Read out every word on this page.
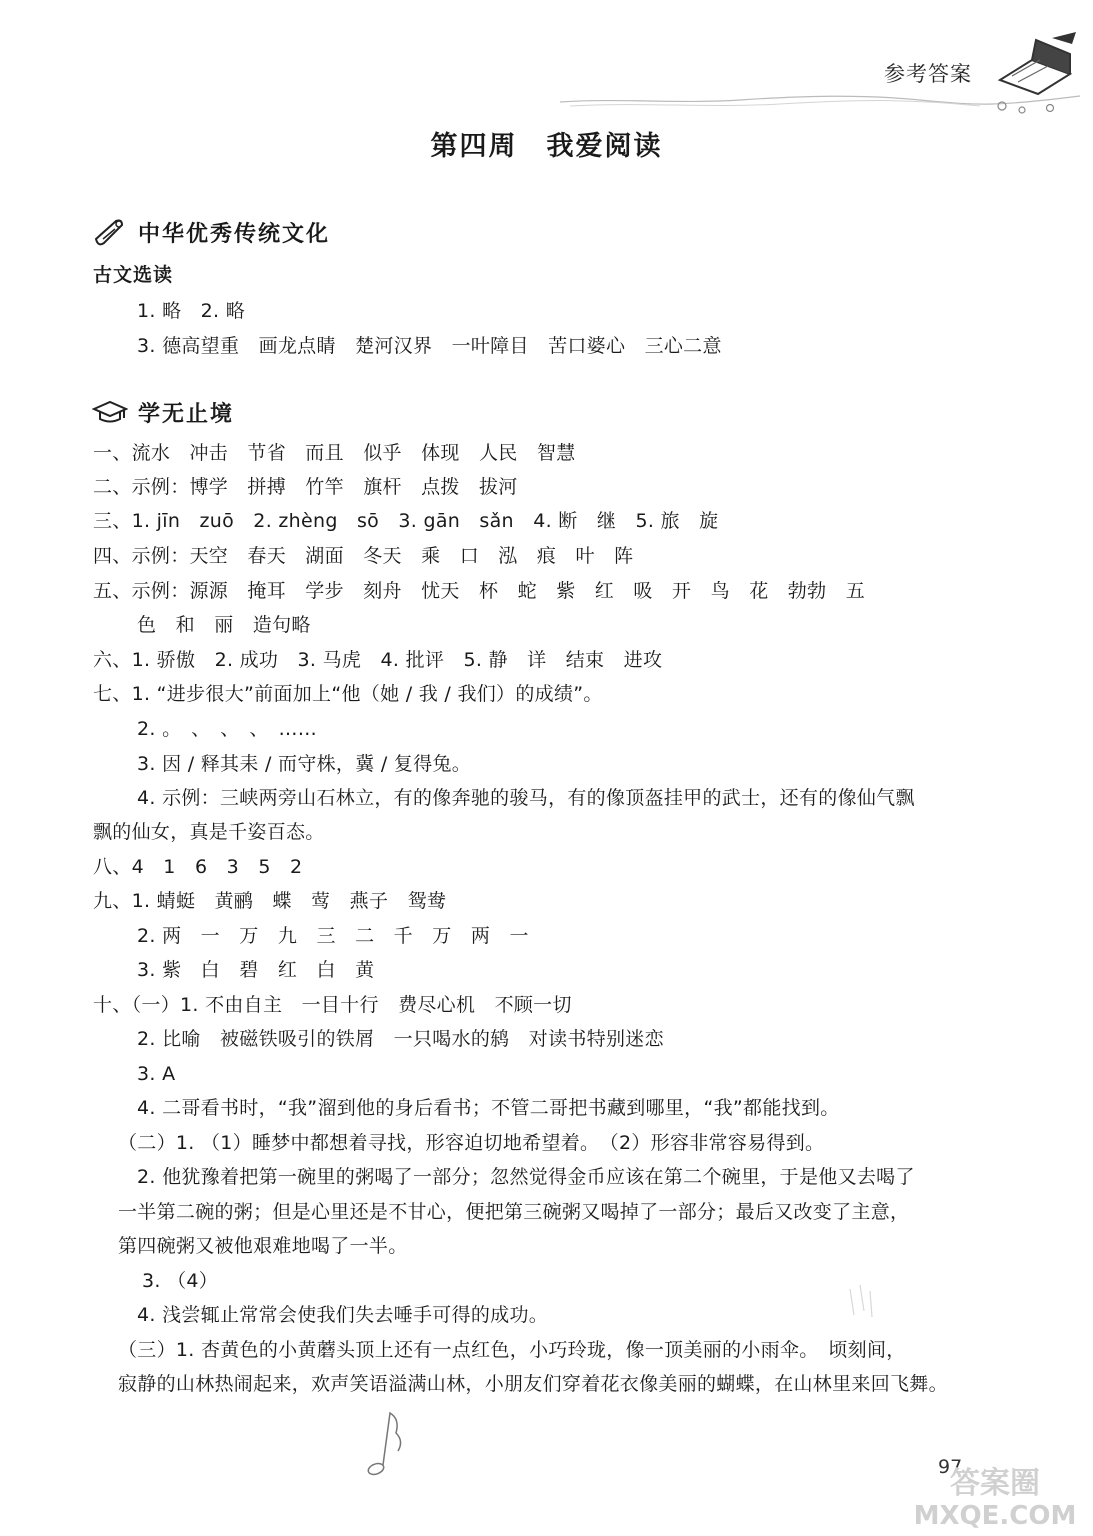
参考答案
第四周　我爱阅读
中华优秀传统文化
古文选读
1. 略　2. 略
3. 德高望重　画龙点睛　楚河汉界　一叶障目　苦口婆心　三心二意
学无止境
一、流水　冲击　节省　而且　似乎　体现　人民　智慧
二、示例：博学　拼搏　竹竿　旗杆　点拨　拔河
三、1. jīn　zuō　2. zhèng　sō　3. gān　sǎn　4. 断　继　5. 旅　旋
四、示例：天空　春天　湖面　冬天　乘　口　泓　痕　叶　阵
五、示例：源源　掩耳　学步　刻舟　忧天　杯　蛇　紫　红　吸　开　鸟　花　勃勃　五
色　和　丽　造句略
六、1. 骄傲　2. 成功　3. 马虎　4. 批评　5. 静　详　结束　进攻
七、1. “进步很大”前面加上“他（她 / 我 / 我们）的成绩”。
2. 。　、　、　、　……
3. 因 / 释其耒 / 而守株，冀 / 复得兔。
4. 示例：三峡两旁山石林立，有的像奔驰的骏马，有的像顶盔挂甲的武士，还有的像仙气飘
飘的仙女，真是千姿百态。
八、4　1　6　3　5　2
九、1. 蜻蜓　黄鹂　蝶　莺　燕子　鸳鸯
2. 两　一　万　九　三　二　千　万　两　一
3. 紫　白　碧　红　白　黄
十、（一）1. 不由自主　一目十行　费尽心机　不顾一切
2. 比喻　被磁铁吸引的铁屑　一只喝水的鸫　对读书特别迷恋
3. A
4. 二哥看书时，“我”溜到他的身后看书；不管二哥把书藏到哪里，“我”都能找到。
（二）1. （1）睡梦中都想着寻找，形容迫切地希望着。　（2）形容非常容易得到。
2. 他犹豫着把第一碗里的粥喝了一部分；忽然觉得金币应该在第二个碗里，于是他又去喝了
一半第二碗的粥；但是心里还是不甘心，便把第三碗粥又喝掉了一部分；最后又改变了主意，
第四碗粥又被他艰难地喝了一半。
3. （4）
4. 浅尝辄止常常会使我们失去唾手可得的成功。
（三）1. 杏黄色的小黄蘑头顶上还有一点红色，小巧玲珑，像一顶美丽的小雨伞。　顷刻间，
寂静的山林热闹起来，欢声笑语溢满山林，小朋友们穿着花衣像美丽的蝴蝶，在山林里来回飞舞。
97
答案圈
MXQE.COM
